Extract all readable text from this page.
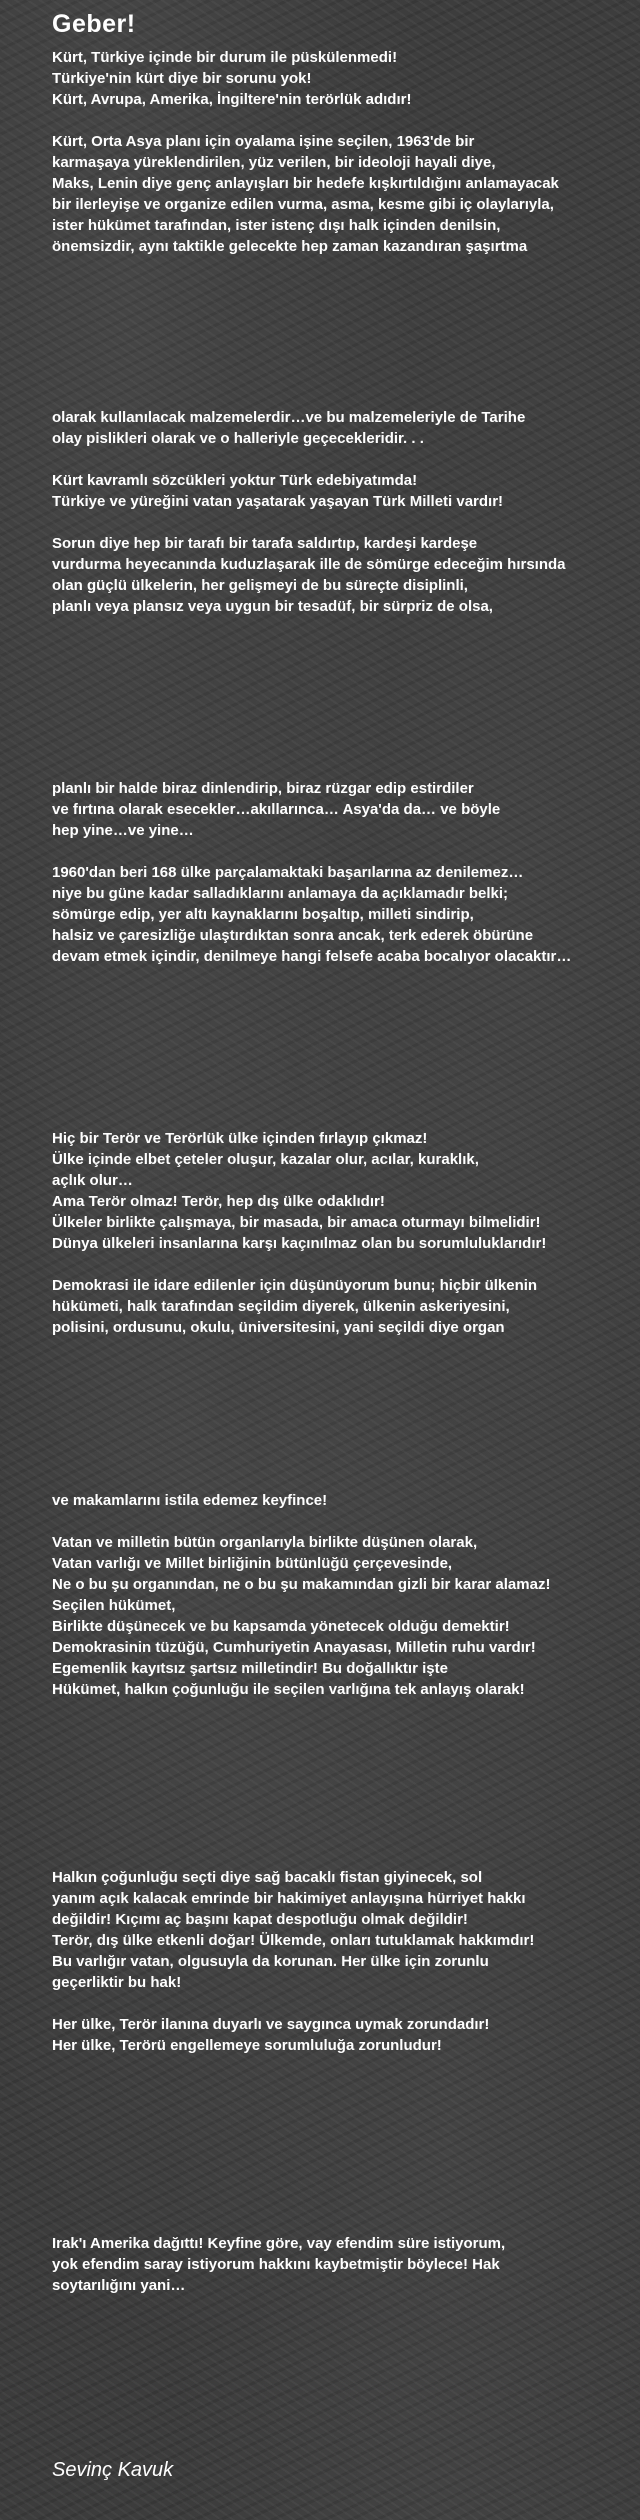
Geber!
Kürt, Türkiye içinde bir durum ile püskülenmedi!
Türkiye'nin kürt diye bir sorunu yok!
Kürt, Avrupa, Amerika, İngiltere'nin terörlük adıdır!
Kürt, Orta Asya planı için oyalama işine seçilen, 1963'de bir
karmaşaya yüreklendirilen, yüz verilen, bir ideoloji hayali diye,
Maks, Lenin diye genç anlayışları bir hedefe kışkırtıldığını anlamayacak
bir ilerleyişe ve organize edilen vurma, asma, kesme gibi iç olaylarıyla,
ister hükümet tarafından, ister istenç dışı halk içinden denilsin,
önemsizdir, aynı taktikle gelecekte hep zaman kazandıran şaşırtma
olarak kullanılacak malzemelerdir…ve bu malzemeleriyle de Tarihe
olay pislikleri olarak ve o halleriyle geçecekleridir. . .
Kürt kavramlı sözcükleri yoktur Türk edebiyatımda!
Türkiye ve yüreğini vatan yaşatarak yaşayan Türk Milleti vardır!
Sorun diye hep bir tarafı bir tarafa saldırtıp, kardeşi kardeşe
vurdurma heyecanında kuduzlaşarak ille de sömürge edeceğim hırsında
olan güçlü ülkelerin, her gelişmeyi de bu süreçte disiplinli,
planlı veya plansız veya uygun bir tesadüf, bir sürpriz de olsa,
planlı bir halde biraz dinlendirip, biraz rüzgar edip estirdiler
ve fırtına olarak esecekler…akıllarınca… Asya'da da… ve böyle
hep yine…ve yine…
1960'dan beri 168 ülke parçalamaktaki başarılarına az denilemez…
niye bu güne kadar salladıklarını anlamaya da açıklamadır belki;
sömürge edip, yer altı kaynaklarını boşaltıp, milleti sindirip,
halsiz ve çaresizliğe ulaştırdıktan sonra ancak, terk ederek öbürüne
devam etmek içindir, denilmeye hangi felsefe acaba bocalıyor olacaktır…
Hiç bir Terör ve Terörlük ülke içinden fırlayıp çıkmaz!
Ülke içinde elbet çeteler oluşur, kazalar olur, acılar, kuraklık,
açlık olur…
Ama Terör olmaz! Terör, hep dış ülke odaklıdır!
Ülkeler birlikte çalışmaya, bir masada, bir amaca oturmayı bilmelidir!
Dünya ülkeleri insanlarına karşı kaçınılmaz olan bu sorumluluklarıdır!
Demokrasi ile idare edilenler için düşünüyorum bunu; hiçbir ülkenin
hükümeti, halk tarafından seçildim diyerek, ülkenin askeriyesini,
polisini, ordusunu, okulu, üniversitesini, yani seçildi diye organ
ve makamlarını istila edemez keyfince!
Vatan ve milletin bütün organlarıyla birlikte düşünen olarak,
Vatan varlığı ve Millet birliğinin bütünlüğü çerçevesinde,
Ne o bu şu organından, ne o bu şu makamından gizli bir karar alamaz!
Seçilen hükümet,
Birlikte düşünecek ve bu kapsamda yönetecek olduğu demektir!
Demokrasinin tüzüğü, Cumhuriyetin Anayasası, Milletin ruhu vardır!
Egemenlik kayıtsız şartsız milletindir! Bu doğallıktır işte
Hükümet, halkın çoğunluğu ile seçilen varlığına tek anlayış olarak!
Halkın çoğunluğu seçti diye sağ bacaklı fistan giyinecek, sol
yanım açık kalacak emrinde bir hakimiyet anlayışına hürriyet hakkı
değildir! Kıçımı aç başını kapat despotluğu olmak değildir!
Terör, dış ülke etkenli doğar! Ülkemde, onları tutuklamak hakkımdır!
Bu varlığır vatan, olgusuyla da korunan. Her ülke için zorunlu
geçerliktir bu hak!
Her ülke, Terör ilanına duyarlı ve saygınca uymak zorundadır!
Her ülke, Terörü engellemeye sorumluluğa zorunludur!
Irak'ı Amerika dağıttı! Keyfine göre, vay efendim süre istiyorum,
yok efendim saray istiyorum hakkını kaybetmiştir böylece! Hak
soytarılığını yani…
Sevinç Kavuk
